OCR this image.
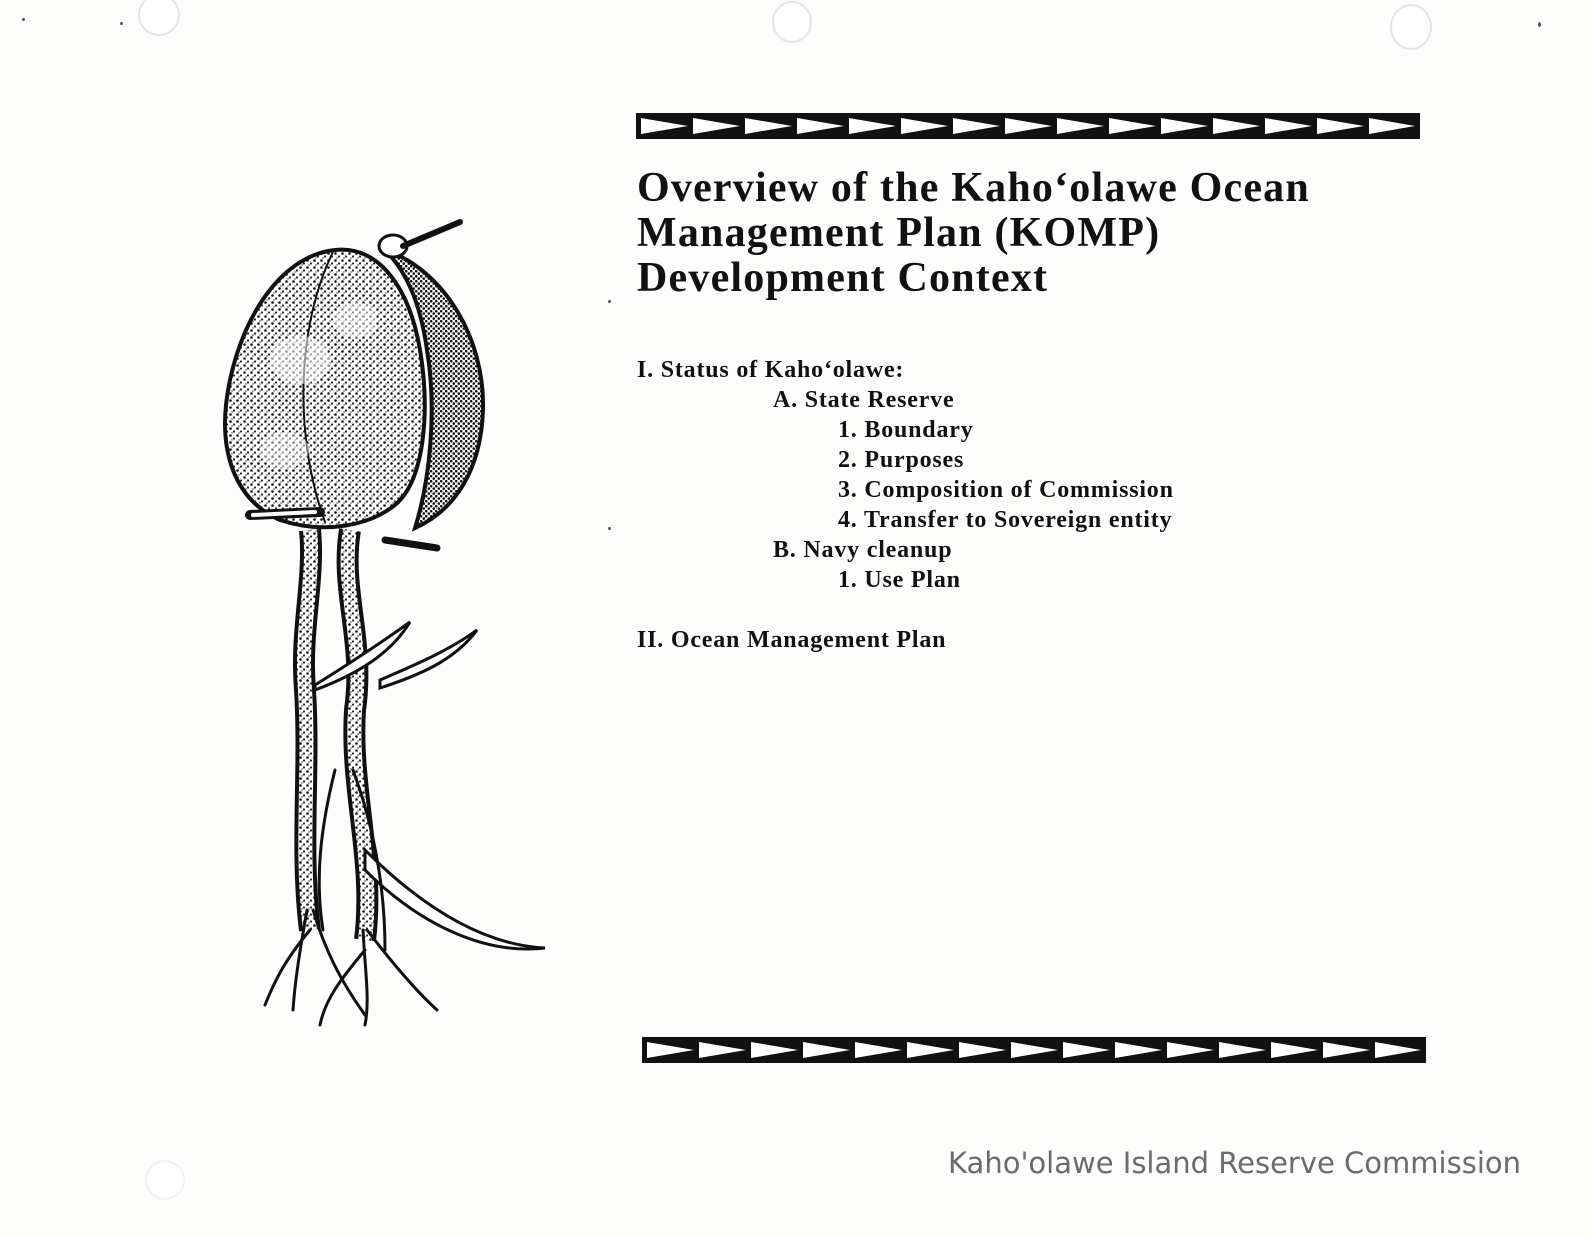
Overview of the Kahoʻolawe Ocean
Management Plan (KOMP)
Development Context
I. Status of Kahoʻolawe:
A. State Reserve
1. Boundary
2. Purposes
3. Composition of Commission
4. Transfer to Sovereign entity
B. Navy cleanup
1. Use Plan
II. Ocean Management Plan
Kaho'olawe Island Reserve Commission
